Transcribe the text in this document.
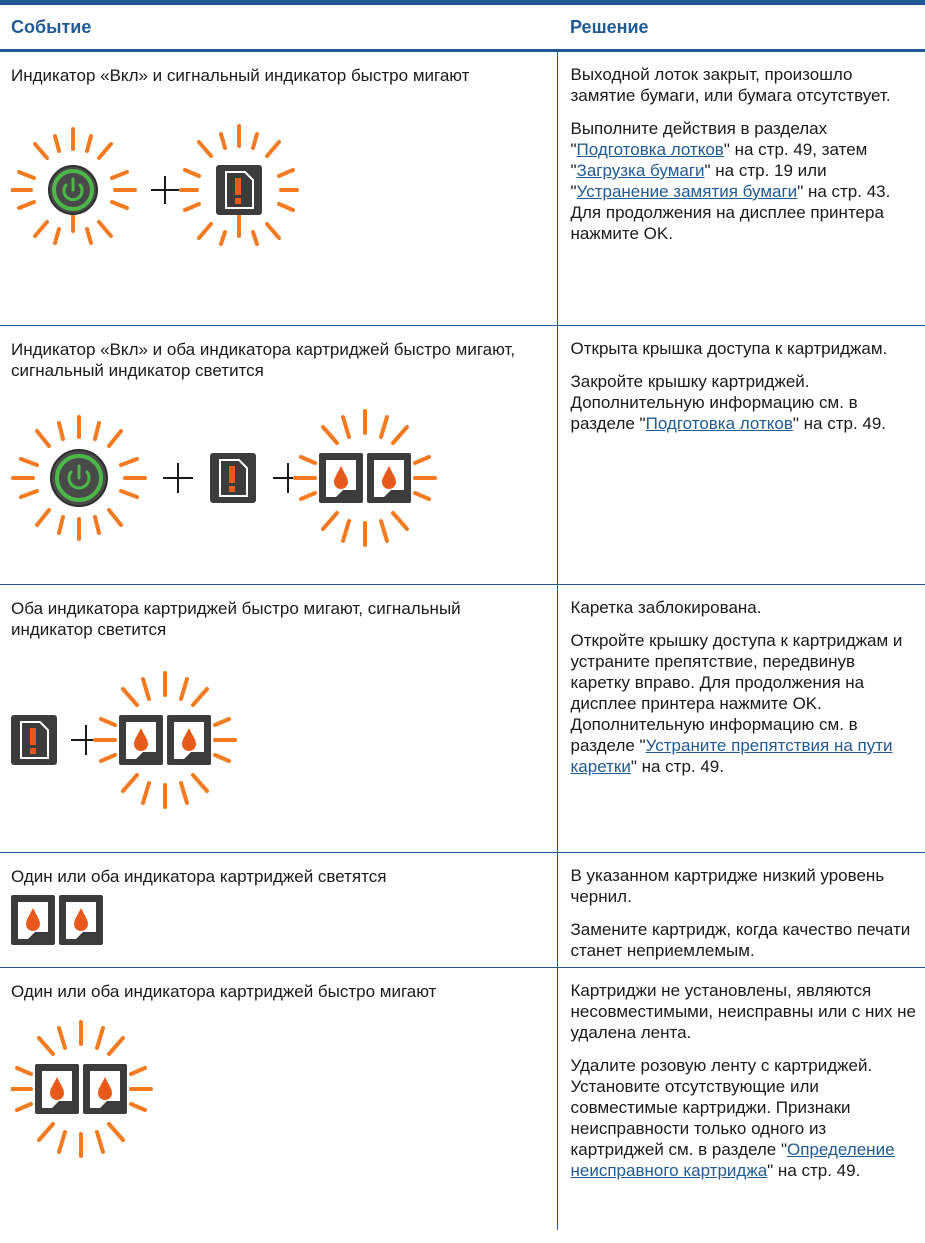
Событие	Решение

Индикатор «Вкл» и сигнальный индикатор быстро мигают	Выходной лоток закрыт, произошло замятие бумаги, или бумага отсутствует.

Выполните действия в разделах "Подготовка лотков" на стр. 49, затем "Загрузка бумаги" на стр. 19 или "Устранение замятия бумаги" на стр. 43. Для продолжения на дисплее принтера нажмите OK.

Индикатор «Вкл» и оба индикатора картриджей быстро мигают, сигнальный индикатор светится	Открыта крышка доступа к картриджам.

Закройте крышку картриджей. Дополнительную информацию см. в разделе "Подготовка лотков" на стр. 49.

Оба индикатора картриджей быстро мигают, сигнальный индикатор светится	Каретка заблокирована.

Откройте крышку доступа к картриджам и устраните препятствие, передвинув каретку вправо. Для продолжения на дисплее принтера нажмите OK. Дополнительную информацию см. в разделе "Устраните препятствия на пути каретки" на стр. 49.

Один или оба индикатора картриджей светятся	В указанном картридже низкий уровень чернил.

Замените картридж, когда качество печати станет неприемлемым.

Один или оба индикатора картриджей быстро мигают	Картриджи не установлены, являются несовместимыми, неисправны или с них не удалена лента.

Удалите розовую ленту с картриджей. Установите отсутствующие или совместимые картриджи. Признаки неисправности только одного из картриджей см. в разделе "Определение неисправного картриджа" на стр. 49.
